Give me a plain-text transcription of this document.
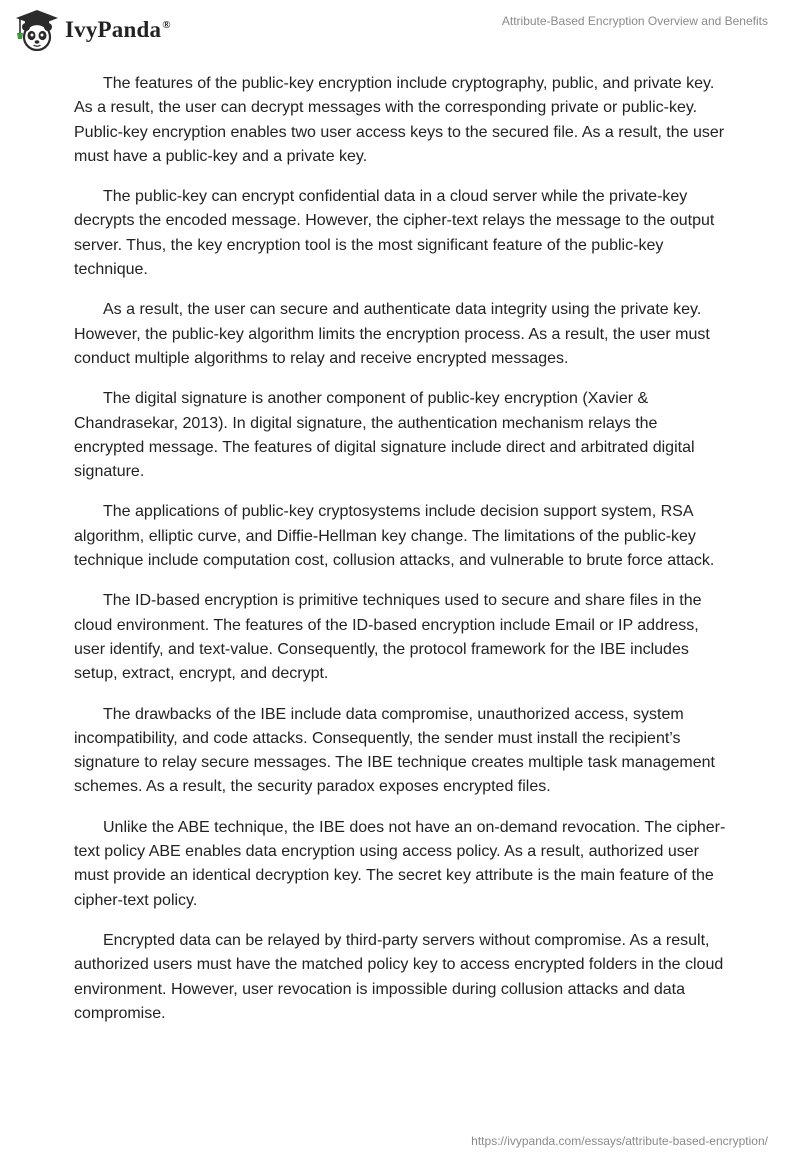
IvyPanda®	Attribute-Based Encryption Overview and Benefits

The features of the public-key encryption include cryptography, public, and private key. As a result, the user can decrypt messages with the corresponding private or public-key. Public-key encryption enables two user access keys to the secured file. As a result, the user must have a public-key and a private key.

The public-key can encrypt confidential data in a cloud server while the private-key decrypts the encoded message. However, the cipher-text relays the message to the output server. Thus, the key encryption tool is the most significant feature of the public-key technique.

As a result, the user can secure and authenticate data integrity using the private key. However, the public-key algorithm limits the encryption process. As a result, the user must conduct multiple algorithms to relay and receive encrypted messages.

The digital signature is another component of public-key encryption (Xavier & Chandrasekar, 2013). In digital signature, the authentication mechanism relays the encrypted message. The features of digital signature include direct and arbitrated digital signature.

The applications of public-key cryptosystems include decision support system, RSA algorithm, elliptic curve, and Diffie-Hellman key change. The limitations of the public-key technique include computation cost, collusion attacks, and vulnerable to brute force attack.

The ID-based encryption is primitive techniques used to secure and share files in the cloud environment. The features of the ID-based encryption include Email or IP address, user identify, and text-value. Consequently, the protocol framework for the IBE includes setup, extract, encrypt, and decrypt.

The drawbacks of the IBE include data compromise, unauthorized access, system incompatibility, and code attacks. Consequently, the sender must install the recipient’s signature to relay secure messages. The IBE technique creates multiple task management schemes. As a result, the security paradox exposes encrypted files.

Unlike the ABE technique, the IBE does not have an on-demand revocation. The cipher-text policy ABE enables data encryption using access policy. As a result, authorized user must provide an identical decryption key. The secret key attribute is the main feature of the cipher-text policy.

Encrypted data can be relayed by third-party servers without compromise. As a result, authorized users must have the matched policy key to access encrypted folders in the cloud environment. However, user revocation is impossible during collusion attacks and data compromise.

https://ivypanda.com/essays/attribute-based-encryption/
